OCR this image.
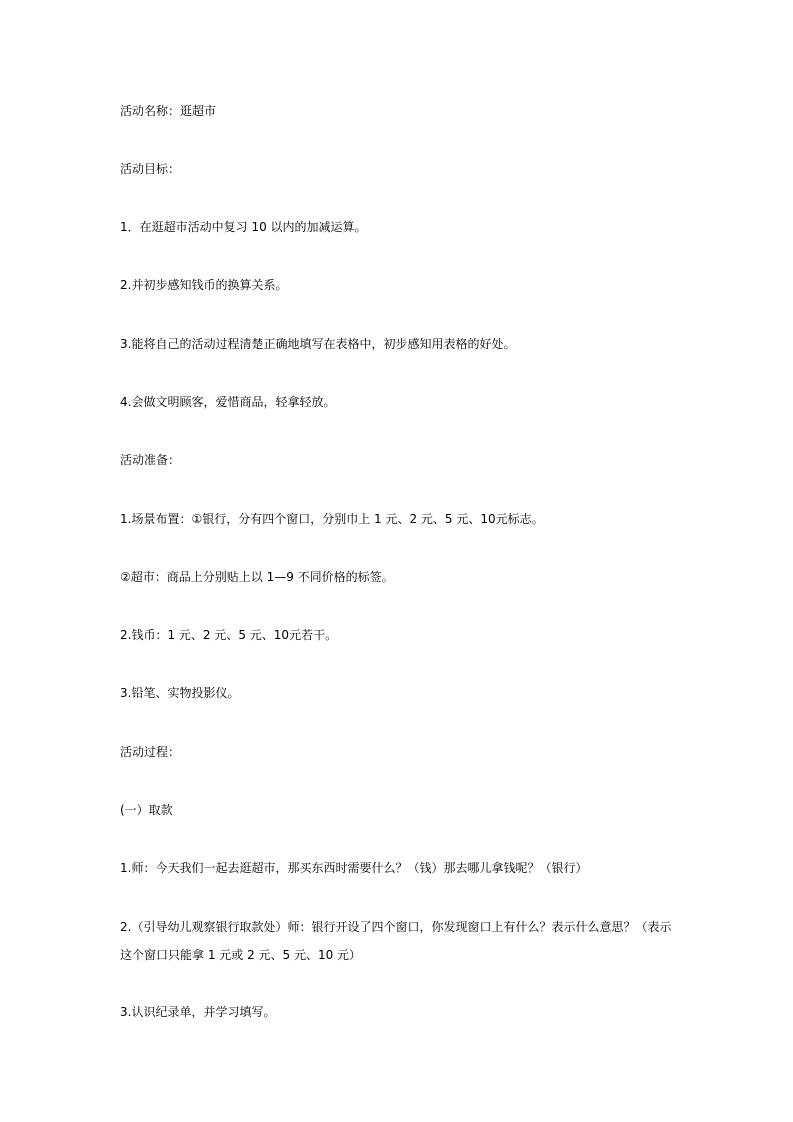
活动名称：逛超市
活动目标：
1．在逛超市活动中复习 10 以内的加减运算。
2.并初步感知钱币的换算关系。
3.能将自己的活动过程清楚正确地填写在表格中，初步感知用表格的好处。
4.会做文明顾客，爱惜商品，轻拿轻放。
活动准备：
1.场景布置：①银行，分有四个窗口，分别巾上 1 元、2 元、5 元、10元标志。
②超市：商品上分别贴上以 1—9 不同价格的标签。
2.钱币：1 元、2 元、5 元、10元若干。
3.铅笔、实物投影仪。
活动过程：
(一）取款
1.师：今天我们一起去逛超市，那买东西时需要什么？（钱）那去哪儿拿钱呢？（银行）
2.（引导幼儿观察银行取款处）师：银行开设了四个窗口，你发现窗口上有什么？表示什么意思？（表示这个窗口只能拿 1 元或 2 元、5 元、10 元）
3.认识纪录单，并学习填写。
